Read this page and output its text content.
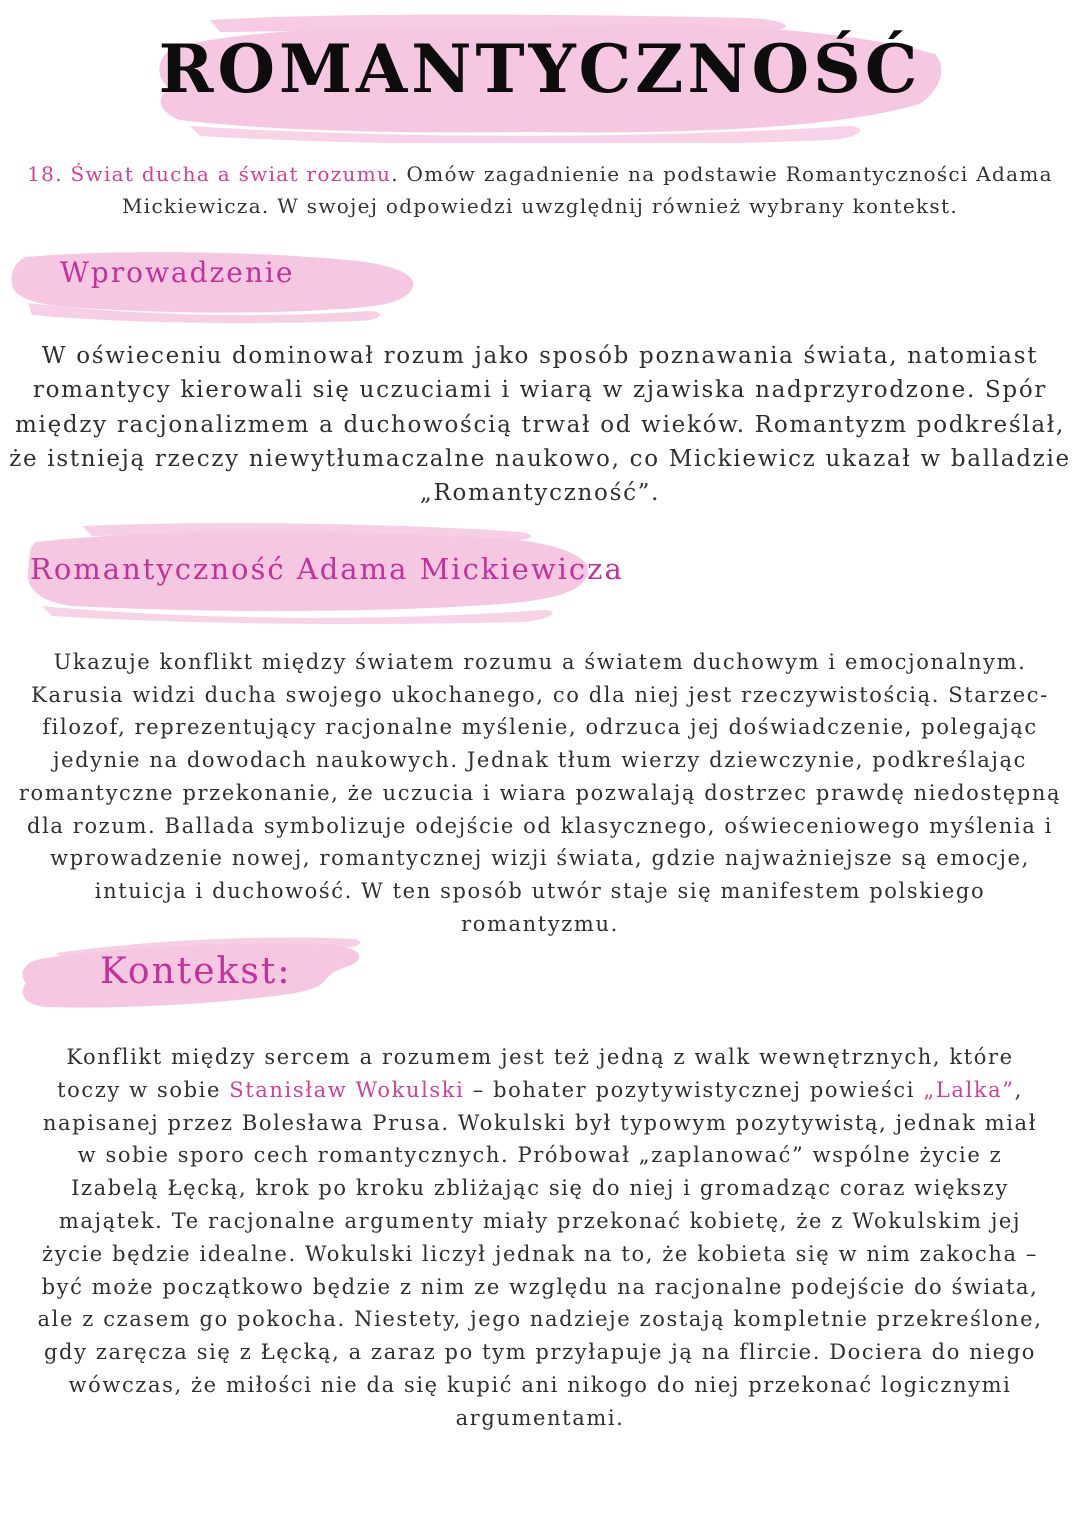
ROMANTYCZNOŚĆ
18. Świat ducha a świat rozumu. Omów zagadnienie na podstawie Romantyczności Adama
Mickiewicza. W swojej odpowiedzi uwzględnij również wybrany kontekst.
Wprowadzenie
W oświeceniu dominował rozum jako sposób poznawania świata, natomiast
romantycy kierowali się uczuciami i wiarą w zjawiska nadprzyrodzone. Spór
między racjonalizmem a duchowością trwał od wieków. Romantyzm podkreślał,
że istnieją rzeczy niewytłumaczalne naukowo, co Mickiewicz ukazał w balladzie
„Romantyczność”.
Romantyczność Adama Mickiewicza
Ukazuje konflikt między światem rozumu a światem duchowym i emocjonalnym.
Karusia widzi ducha swojego ukochanego, co dla niej jest rzeczywistością. Starzec-
filozof, reprezentujący racjonalne myślenie, odrzuca jej doświadczenie, polegając
jedynie na dowodach naukowych. Jednak tłum wierzy dziewczynie, podkreślając
romantyczne przekonanie, że uczucia i wiara pozwalają dostrzec prawdę niedostępną
dla rozum. Ballada symbolizuje odejście od klasycznego, oświeceniowego myślenia i
wprowadzenie nowej, romantycznej wizji świata, gdzie najważniejsze są emocje,
intuicja i duchowość. W ten sposób utwór staje się manifestem polskiego
romantyzmu.
Kontekst:
Konflikt między sercem a rozumem jest też jedną z walk wewnętrznych, które
toczy w sobie Stanisław Wokulski – bohater pozytywistycznej powieści „Lalka”,
napisanej przez Bolesława Prusa. Wokulski był typowym pozytywistą, jednak miał
w sobie sporo cech romantycznych. Próbował „zaplanować” wspólne życie z
Izabelą Łęcką, krok po kroku zbliżając się do niej i gromadząc coraz większy
majątek. Te racjonalne argumenty miały przekonać kobietę, że z Wokulskim jej
życie będzie idealne. Wokulski liczył jednak na to, że kobieta się w nim zakocha –
być może początkowo będzie z nim ze względu na racjonalne podejście do świata,
ale z czasem go pokocha. Niestety, jego nadzieje zostają kompletnie przekreślone,
gdy zaręcza się z Łęcką, a zaraz po tym przyłapuje ją na flircie. Dociera do niego
wówczas, że miłości nie da się kupić ani nikogo do niej przekonać logicznymi
argumentami.
